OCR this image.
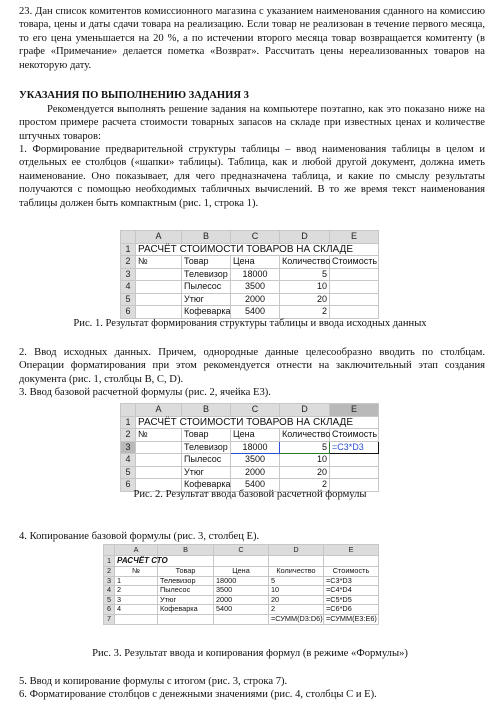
23. Дан список комитентов комиссионного магазина с указанием наименования сданного на комиссию товара, цены и даты сдачи товара на реализацию. Если товар не реализован в течение первого месяца, то его цена уменьшается на 20 %, а по истечении второго месяца товар возвращается комитенту (в графе «Примечание» делается пометка «Возврат». Рассчитать цены нереализованных товаров на некоторую дату.
УКАЗАНИЯ ПО ВЫПОЛНЕНИЮ ЗАДАНИЯ 3
Рекомендуется выполнять решение задания на компьютере поэтапно, как это показано ниже на простом примере расчета стоимости товарных запасов на складе при известных ценах и количестве штучных товаров:
1. Формирование предварительной структуры таблицы – ввод наименования таблицы в целом и отдельных ее столбцов («шапки» таблицы). Таблица, как и любой другой документ, должна иметь наименование. Оно показывает, для чего предназначена таблица, и какие по смыслу результаты получаются с помощью необходимых табличных вычислений. В то же время текст наименования таблицы должен быть компактным (рис. 1, строка 1).
	A	B	C	D	E
1	РАСЧЁТ СТОИМОСТИ ТОВАРОВ НА СКЛАДЕ				
2	№	Товар	Цена	Количество	Стоимость
3		Телевизор	18000	5	
4		Пылесос	3500	10	
5		Утюг	2000	20	
6		Кофеварка	5400	2	
Рис. 1. Результат формирования структуры таблицы и ввода исходных данных
2. Ввод исходных данных. Причем, однородные данные целесообразно вводить по столбцам. Операции форматирования при этом рекомендуется отнести на заключительный этап создания документа (рис. 1, столбцы B, C, D).
3. Ввод базовой расчетной формулы (рис. 2, ячейка E3).
	A	B	C	D	E
1	РАСЧЁТ СТОИМОСТИ ТОВАРОВ НА СКЛАДЕ				
2	№	Товар	Цена	Количество	Стоимость
3		Телевизор	18000	5	=C3*D3
4		Пылесос	3500	10	
5		Утюг	2000	20	
6		Кофеварка	5400	2	
Рис. 2. Результат ввода базовой расчетной формулы
4. Копирование базовой формулы (рис. 3, столбец E).
	A	B	C	D	E
1	РАСЧЁТ СТО				
2	№	Товар	Цена	Количество	Стоимость
3	1	Телевизор	18000	5	=C3*D3
4	2	Пылесос	3500	10	=C4*D4
5	3	Утюг	2000	20	=C5*D5
6	4	Кофеварка	5400	2	=C6*D6
7				=СУММ(D3:D6)	=СУММ(E3:E6)
Рис. 3. Результат ввода и копирования формул (в режиме «Формулы»)
5. Ввод и копирование формулы с итогом (рис. 3, строка 7).
6. Форматирование столбцов с денежными значениями (рис. 4, столбцы С и Е).
